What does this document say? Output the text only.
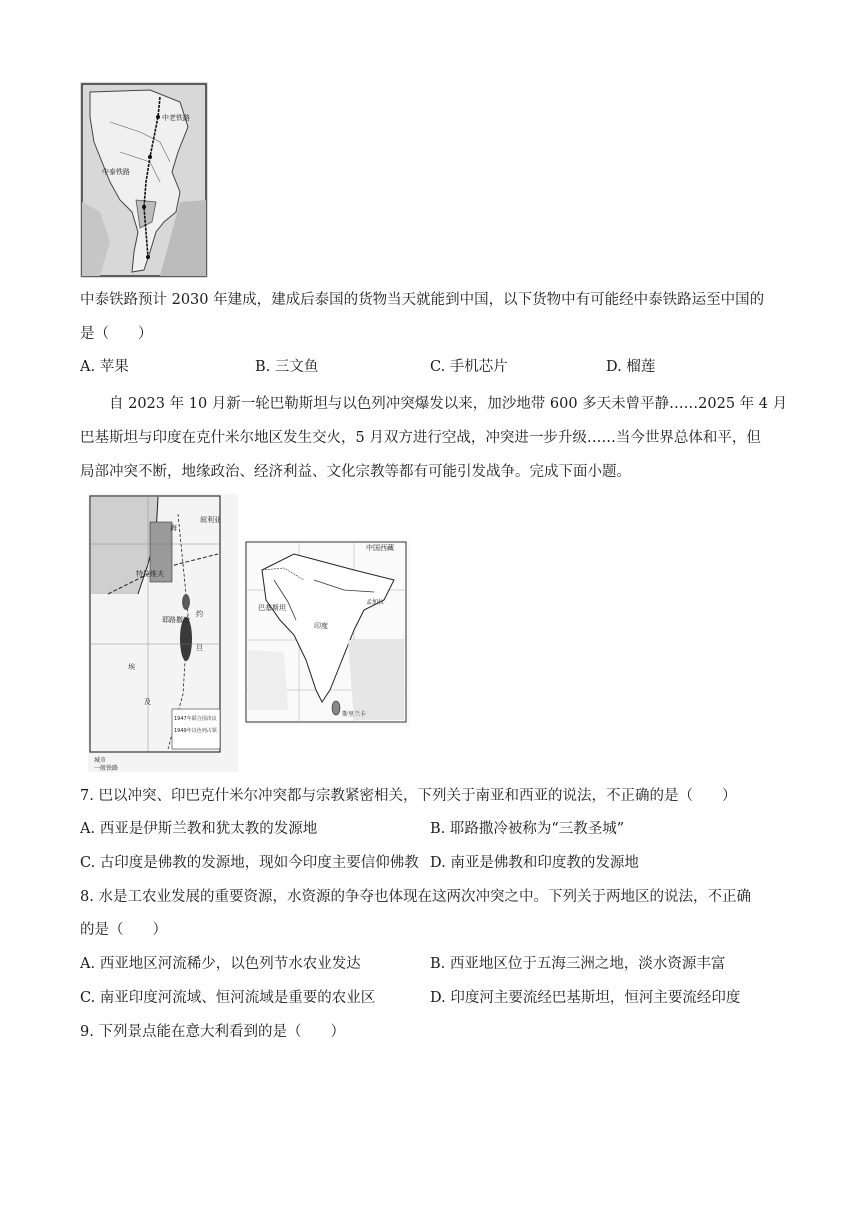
中老铁路
中泰铁路
中泰铁路预计 2030 年建成，建成后泰国的货物当天就能到中国，以下货物中有可能经中泰铁路运至中国的
是（　　）
A. 苹果	B. 三文鱼	C. 手机芯片	D. 榴莲
自 2023 年 10 月新一轮巴勒斯坦与以色列冲突爆发以来，加沙地带 600 多天未曾平静……2025 年 4 月
巴基斯坦与印度在克什米尔地区发生交火，5 月双方进行空战，冲突进一步升级……当今世界总体和平，但
局部冲突不断，地缘政治、经济利益、文化宗教等都有可能引发战争。完成下面小题。
海
叙利亚
特拉维夫
耶路撒冷
约
旦
埃
及
1947年联合国决议
1949年以色列占领
城市
一般铁路
中国西藏
巴基斯坦
印度
斯里兰卡
孟加拉
7. 巴以冲突、印巴克什米尔冲突都与宗教紧密相关，下列关于南亚和西亚的说法，不正确的是（　　）
A. 西亚是伊斯兰教和犹太教的发源地	B. 耶路撒冷被称为“三教圣城”
C. 古印度是佛教的发源地，现如今印度主要信仰佛教 D. 南亚是佛教和印度教的发源地
8. 水是工农业发展的重要资源，水资源的争夺也体现在这两次冲突之中。下列关于两地区的说法，不正确
的是（　　）
A. 西亚地区河流稀少，以色列节水农业发达	B. 西亚地区位于五海三洲之地，淡水资源丰富
C. 南亚印度河流域、恒河流域是重要的农业区	D. 印度河主要流经巴基斯坦，恒河主要流经印度
9. 下列景点能在意大利看到的是（　　）
